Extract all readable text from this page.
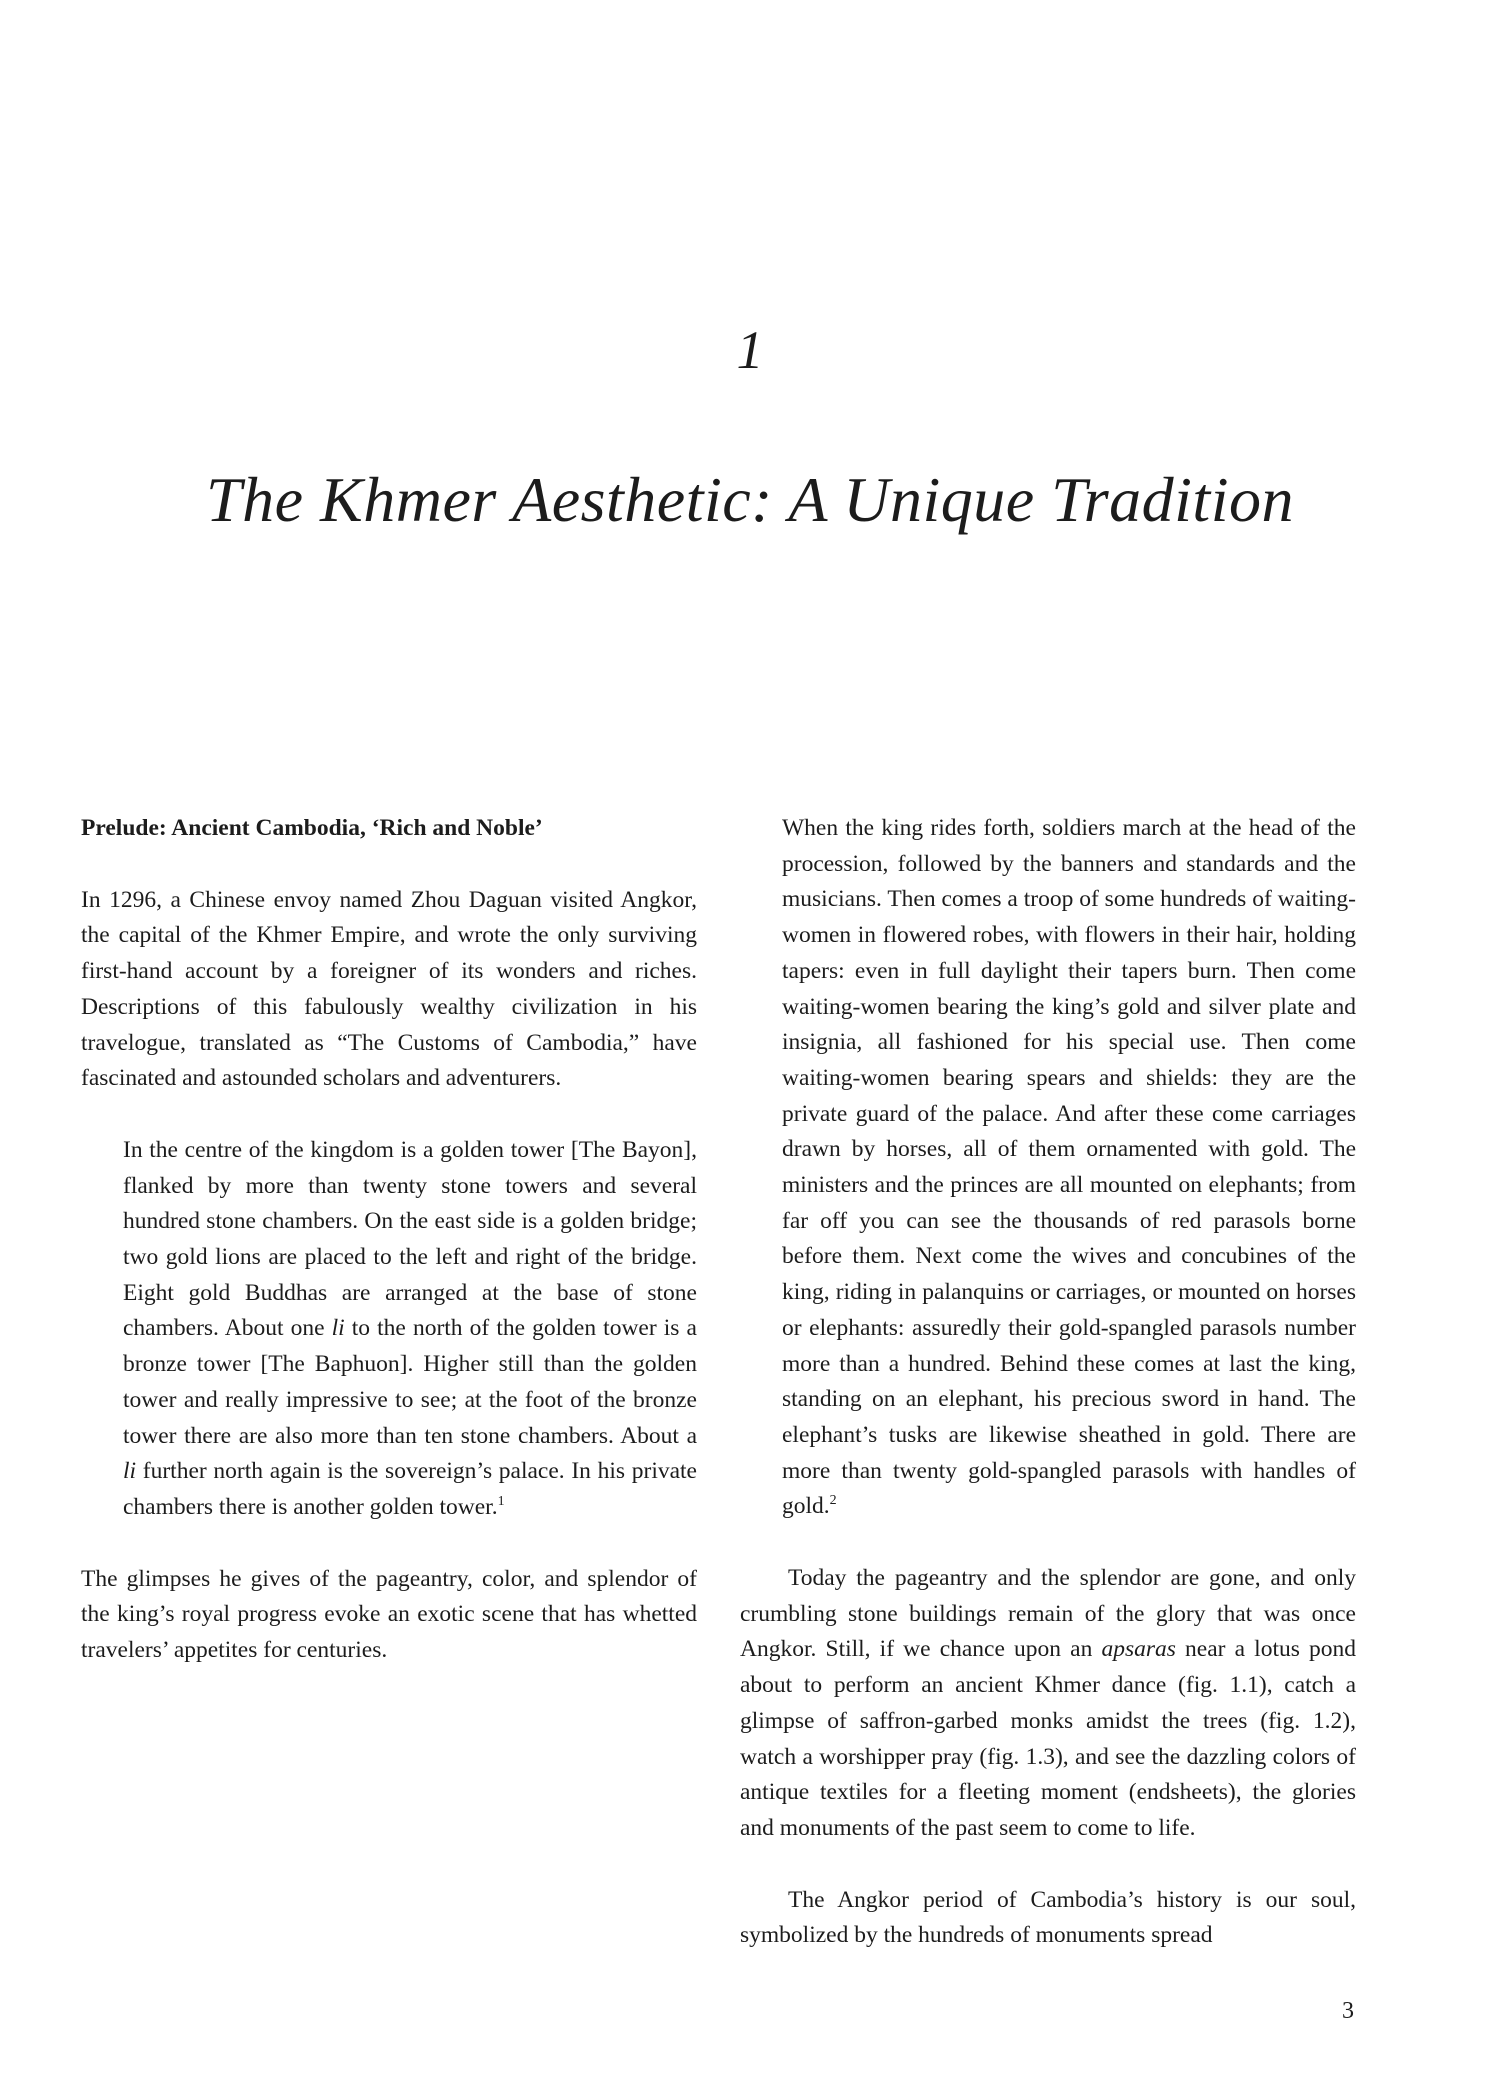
1
The Khmer Aesthetic: A Unique Tradition

Prelude: Ancient Cambodia, ‘Rich and Noble’

In 1296, a Chinese envoy named Zhou Daguan visited Angkor, the capital of the Khmer Empire, and wrote the only surviving first-hand account by a foreigner of its wonders and riches. Descriptions of this fabulously wealthy civilization in his travelogue, translated as “The Customs of Cambodia,” have fascinated and astounded scholars and adventurers.

In the centre of the kingdom is a golden tower [The Bayon], flanked by more than twenty stone towers and several hundred stone chambers. On the east side is a golden bridge; two gold lions are placed to the left and right of the bridge. Eight gold Buddhas are arranged at the base of stone chambers. About one li to the north of the golden tower is a bronze tower [The Baphuon]. Higher still than the golden tower and really impressive to see; at the foot of the bronze tower there are also more than ten stone chambers. About a li further north again is the sovereign’s palace. In his private chambers there is another golden tower.$^1$

The glimpses he gives of the pageantry, color, and splendor of the king’s royal progress evoke an exotic scene that has whetted travelers’ appetites for centuries.

When the king rides forth, soldiers march at the head of the procession, followed by the banners and standards and the musicians. Then comes a troop of some hundreds of waiting-women in flowered robes, with flowers in their hair, holding tapers: even in full daylight their tapers burn. Then come waiting-women bearing the king’s gold and silver plate and insignia, all fashioned for his special use. Then come waiting-women bearing spears and shields: they are the private guard of the palace. And after these come carriages drawn by horses, all of them ornamented with gold. The ministers and the princes are all mounted on elephants; from far off you can see the thousands of red parasols borne before them. Next come the wives and concubines of the king, riding in palanquins or carriages, or mounted on horses or elephants: assuredly their gold-spangled parasols number more than a hundred. Behind these comes at last the king, standing on an elephant, his precious sword in hand. The elephant’s tusks are likewise sheathed in gold. There are more than twenty gold-spangled parasols with handles of gold.$^2$

Today the pageantry and the splendor are gone, and only crumbling stone buildings remain of the glory that was once Angkor. Still, if we chance upon an apsaras near a lotus pond about to perform an ancient Khmer dance (fig. 1.1), catch a glimpse of saffron-garbed monks amidst the trees (fig. 1.2), watch a worshipper pray (fig. 1.3), and see the dazzling colors of antique textiles for a fleeting moment (endsheets), the glories and monuments of the past seem to come to life.

The Angkor period of Cambodia’s history is our soul, symbolized by the hundreds of monuments spread

3
